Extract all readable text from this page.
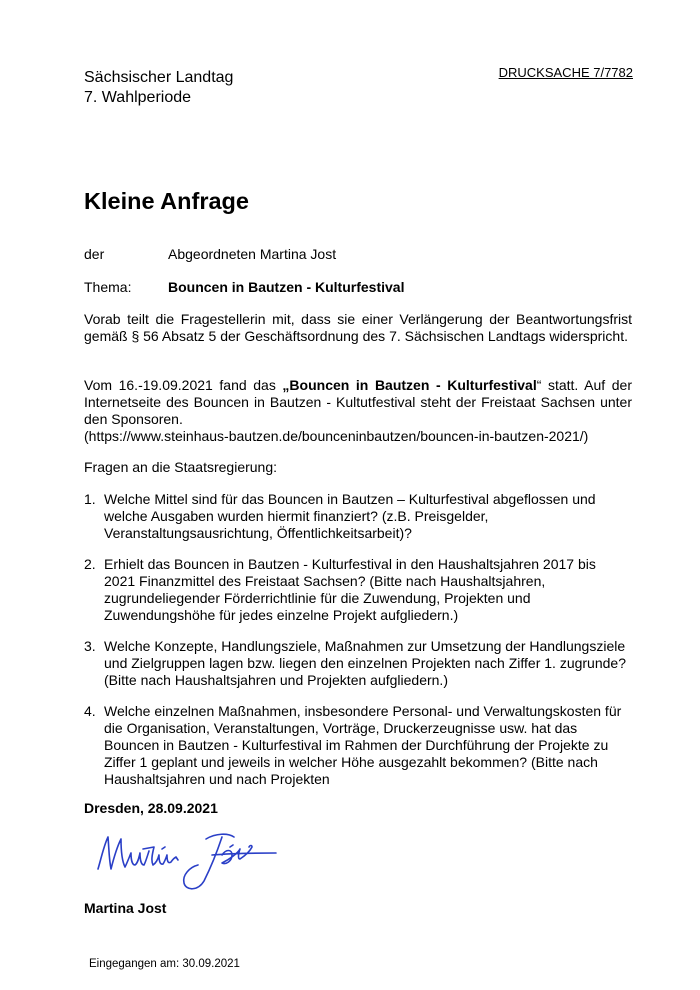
Sächsischer Landtag
7. Wahlperiode
DRUCKSACHE 7/7782
Kleine Anfrage
der	Abgeordneten Martina Jost
Thema:	Bouncen in Bautzen - Kulturfestival

Vorab teilt die Fragestellerin mit, dass sie einer Verlängerung der Beantwortungsfrist gemäß § 56 Absatz 5 der Geschäftsordnung des 7. Sächsischen Landtags widerspricht.

Vom 16.-19.09.2021 fand das „Bouncen in Bautzen - Kulturfestival“ statt. Auf der Internetseite des Bouncen in Bautzen - Kultutfestival steht der Freistaat Sachsen unter den Sponsoren.
(https://www.steinhaus-bautzen.de/bounceninbautzen/bouncen-in-bautzen-2021/)
Fragen an die Staatsregierung:
1. Welche Mittel sind für das Bouncen in Bautzen – Kulturfestival abgeflossen und
welche Ausgaben wurden hiermit finanziert? (z.B. Preisgelder,
Veranstaltungsausrichtung, Öffentlichkeitsarbeit)?
2. Erhielt das Bouncen in Bautzen - Kulturfestival in den Haushaltsjahren 2017 bis
2021 Finanzmittel des Freistaat Sachsen? (Bitte nach Haushaltsjahren,
zugrundeliegender Förderrichtlinie für die Zuwendung, Projekten und
Zuwendungshöhe für jedes einzelne Projekt aufgliedern.)
3. Welche Konzepte, Handlungsziele, Maßnahmen zur Umsetzung der Handlungsziele
und Zielgruppen lagen bzw. liegen den einzelnen Projekten nach Ziffer 1. zugrunde?
(Bitte nach Haushaltsjahren und Projekten aufgliedern.)
4. Welche einzelnen Maßnahmen, insbesondere Personal- und Verwaltungskosten für
die Organisation, Veranstaltungen, Vorträge, Druckerzeugnisse usw. hat das
Bouncen in Bautzen - Kulturfestival im Rahmen der Durchführung der Projekte zu
Ziffer 1 geplant und jeweils in welcher Höhe ausgezahlt bekommen? (Bitte nach
Haushaltsjahren und nach Projekten
Dresden, 28.09.2021
Martina Jost
Eingegangen am: 30.09.2021
